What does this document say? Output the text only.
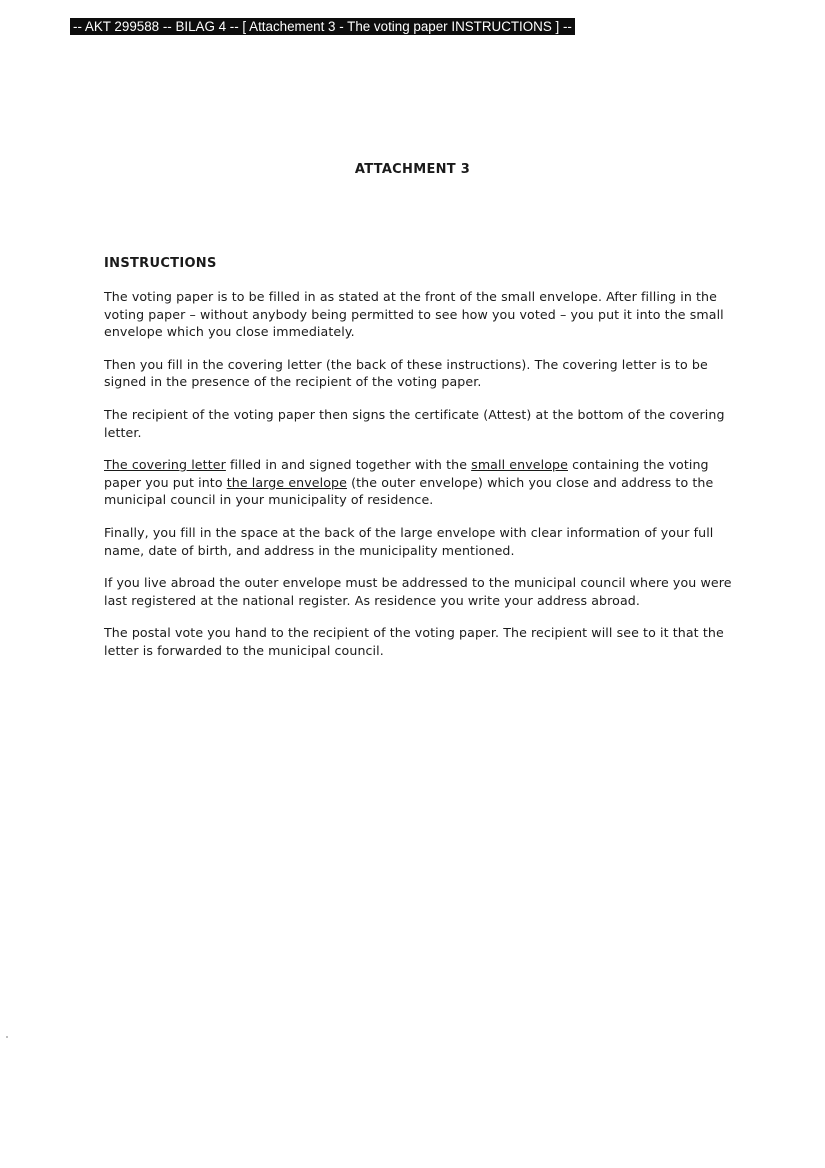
-- AKT 299588 -- BILAG 4 -- [ Attachement 3 - The voting paper INSTRUCTIONS ] --
ATTACHMENT 3
INSTRUCTIONS

The voting paper is to be filled in as stated at the front of the small envelope. After filling in the voting paper – without anybody being permitted to see how you voted – you put it into the small envelope which you close immediately.

Then you fill in the covering letter (the back of these instructions). The covering letter is to be signed in the presence of the recipient of the voting paper.

The recipient of the voting paper then signs the certificate (Attest) at the bottom of the covering letter.

The covering letter filled in and signed together with the small envelope containing the voting paper you put into the large envelope (the outer envelope) which you close and address to the municipal council in your municipality of residence.

Finally, you fill in the space at the back of the large envelope with clear information of your full name, date of birth, and address in the municipality mentioned.

If you live abroad the outer envelope must be addressed to the municipal council where you were last registered at the national register. As residence you write your address abroad.

The postal vote you hand to the recipient of the voting paper. The recipient will see to it that the letter is forwarded to the municipal council.
